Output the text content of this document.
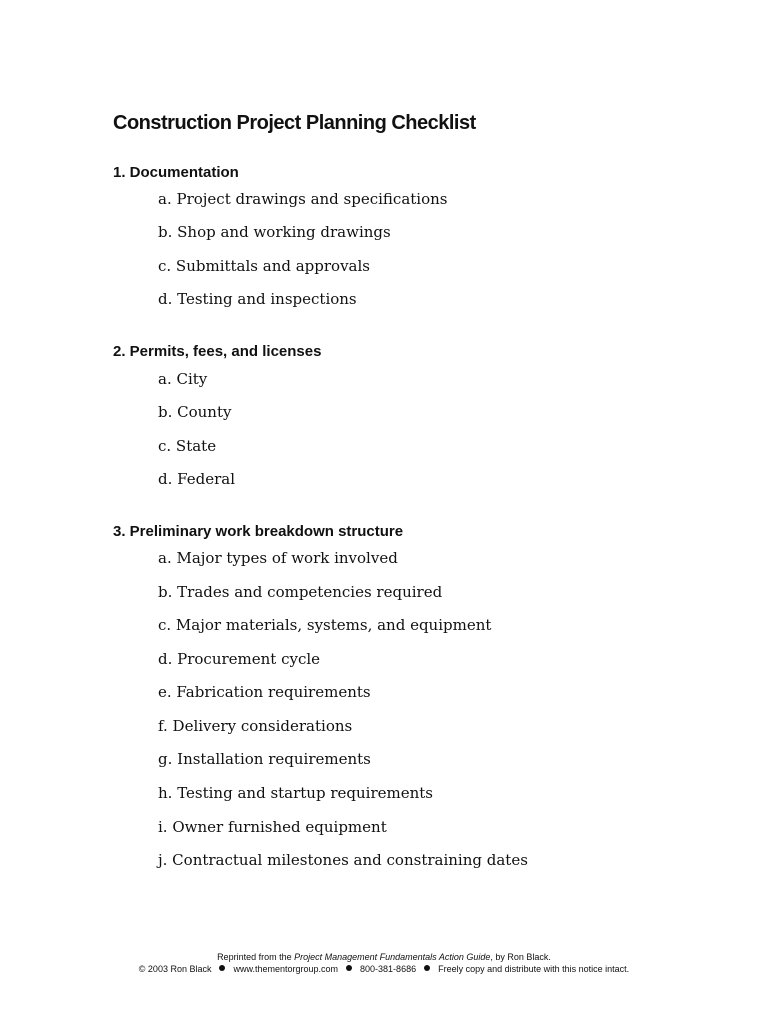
Construction Project Planning Checklist
1. Documentation
a. Project drawings and specifications
b. Shop and working drawings
c. Submittals and approvals
d. Testing and inspections
2. Permits, fees, and licenses
a. City
b. County
c. State
d. Federal
3. Preliminary work breakdown structure
a. Major types of work involved
b. Trades and competencies required
c. Major materials, systems, and equipment
d. Procurement cycle
e. Fabrication requirements
f. Delivery considerations
g. Installation requirements
h. Testing and startup requirements
i. Owner furnished equipment
j. Contractual milestones and constraining dates
Reprinted from the Project Management Fundamentals Action Guide, by Ron Black.
© 2003 Ron Black www.thementorgroup.com 800-381-8686 Freely copy and distribute with this notice intact.
